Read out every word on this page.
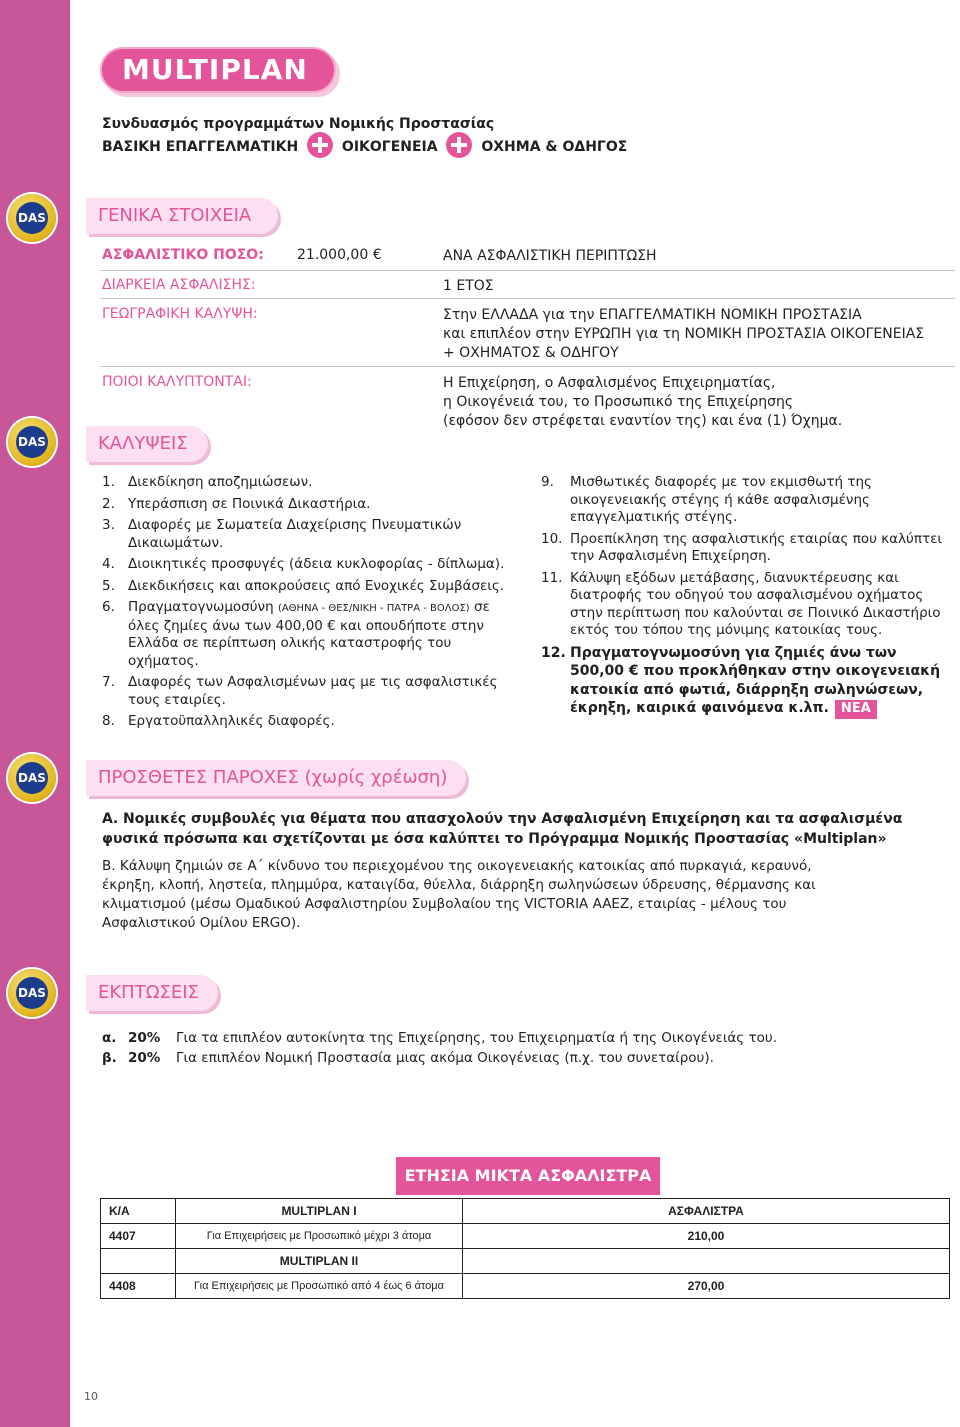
MULTIPLAN
Συνδυασμός προγραμμάτων Νομικής Προστασίας
ΒΑΣΙΚΗ ΕΠΑΓΓΕΛΜΑΤΙΚΗ	ΟΙΚΟΓΕΝΕΙΑ	ΟΧΗΜΑ & ΟΔΗΓΟΣ
DAS	ΓΕΝΙΚΑ ΣΤΟΙΧΕΙΑ
ΑΣΦΑΛΙΣΤΙΚΟ ΠΟΣΟ: 21.000,00 €	ΑΝΑ ΑΣΦΑΛΙΣΤΙΚΗ ΠΕΡΙΠΤΩΣΗ
ΔΙΑΡΚΕΙΑ ΑΣΦΑΛΙΣΗΣ:	1 ΕΤΟΣ
ΓΕΩΓΡΑΦΙΚΗ ΚΑΛΥΨΗ:	Στην ΕΛΛΑΔΑ για την ΕΠΑΓΓΕΛΜΑΤΙΚΗ ΝΟΜΙΚΗ ΠΡΟΣΤΑΣΙΑ
και επιπλέον στην ΕΥΡΩΠΗ για τη ΝΟΜΙΚΗ ΠΡΟΣΤΑΣΙΑ ΟΙΚΟΓΕΝΕΙΑΣ
+ ΟΧΗΜΑΤΟΣ & ΟΔΗΓΟΥ
ΠΟΙΟΙ ΚΑΛΥΠΤΟΝΤΑΙ:	Η Επιχείρηση, ο Ασφαλισμένος Επιχειρηματίας,
η Οικογένειά του, το Προσωπικό της Επιχείρησης
(εφόσον δεν στρέφεται εναντίον της) και ένα (1) Όχημα.
DAS	ΚΑΛΥΨΕΙΣ
1. Διεκδίκηση αποζημιώσεων.
2. Υπεράσπιση σε Ποινικά Δικαστήρια.
3. Διαφορές με Σωματεία Διαχείρισης Πνευματικών Δικαιωμάτων.
4. Διοικητικές προσφυγές (άδεια κυκλοφορίας - δίπλωμα).
5. Διεκδικήσεις και αποκρούσεις από Ενοχικές Συμβάσεις.
6. Πραγματογνωμοσύνη (ΑΘΗΝΑ - ΘΕΣ/ΝΙΚΗ - ΠΑΤΡΑ - ΒΟΛΟΣ) σε όλες ζημίες άνω των 400,00 € και οπουδήποτε στην Ελλάδα σε περίπτωση ολικής καταστροφής του οχήματος.
7. Διαφορές των Ασφαλισμένων μας με τις ασφαλιστικές τους εταιρίες.
8. Εργατοϋπαλληλικές διαφορές.
9. Μισθωτικές διαφορές με τον εκμισθωτή της οικογενειακής στέγης ή κάθε ασφαλισμένης επαγγελματικής στέγης.
10. Προεπίκληση της ασφαλιστικής εταιρίας που καλύπτει την Ασφαλισμένη Επιχείρηση.
11. Κάλυψη εξόδων μετάβασης, διανυκτέρευσης και διατροφής του οδηγού του ασφαλισμένου οχήματος στην περίπτωση που καλούνται σε Ποινικό Δικαστήριο εκτός του τόπου της μόνιμης κατοικίας τους.
12. Πραγματογνωμοσύνη για ζημιές άνω των 500,00 € που προκλήθηκαν στην οικογενειακή κατοικία από φωτιά, διάρρηξη σωληνώσεων, έκρηξη, καιρικά φαινόμενα κ.λπ. ΝΕΑ
DAS	ΠΡΟΣΘΕΤΕΣ ΠΑΡΟΧΕΣ (χωρίς χρέωση)
Α. Νομικές συμβουλές για θέματα που απασχολούν την Ασφαλισμένη Επιχείρηση και τα ασφαλισμένα φυσικά πρόσωπα και σχετίζονται με όσα καλύπτει το Πρόγραμμα Νομικής Προστασίας «Multiplan»
Β. Κάλυψη ζημιών σε Α΄ κίνδυνο του περιεχομένου της οικογενειακής κατοικίας από πυρκαγιά, κεραυνό, έκρηξη, κλοπή, ληστεία, πλημμύρα, καταιγίδα, θύελλα, διάρρηξη σωληνώσεων ύδρευσης, θέρμανσης και κλιματισμού (μέσω Ομαδικού Ασφαλιστηρίου Συμβολαίου της VICTORIA AAEZ, εταιρίας - μέλους του Ασφαλιστικού Ομίλου ERGO).
DAS	ΕΚΠΤΩΣΕΙΣ
α. 20% Για τα επιπλέον αυτοκίνητα της Επιχείρησης, του Επιχειρηματία ή της Οικογένειάς του.
β. 20% Για επιπλέον Νομική Προστασία μιας ακόμα Οικογένειας (π.χ. του συνεταίρου).
ΕΤΗΣΙΑ ΜΙΚΤΑ ΑΣΦΑΛΙΣΤΡΑ
Κ/Α	MULTIPLAN I	ΑΣΦΑΛΙΣΤΡΑ
4407	Για Επιχειρήσεις με Προσωπικό μέχρι 3 άτομα	210,00
	MULTIPLAN II	
4408	Για Επιχειρήσεις με Προσωπικό από 4 έως 6 άτομα	270,00
10
